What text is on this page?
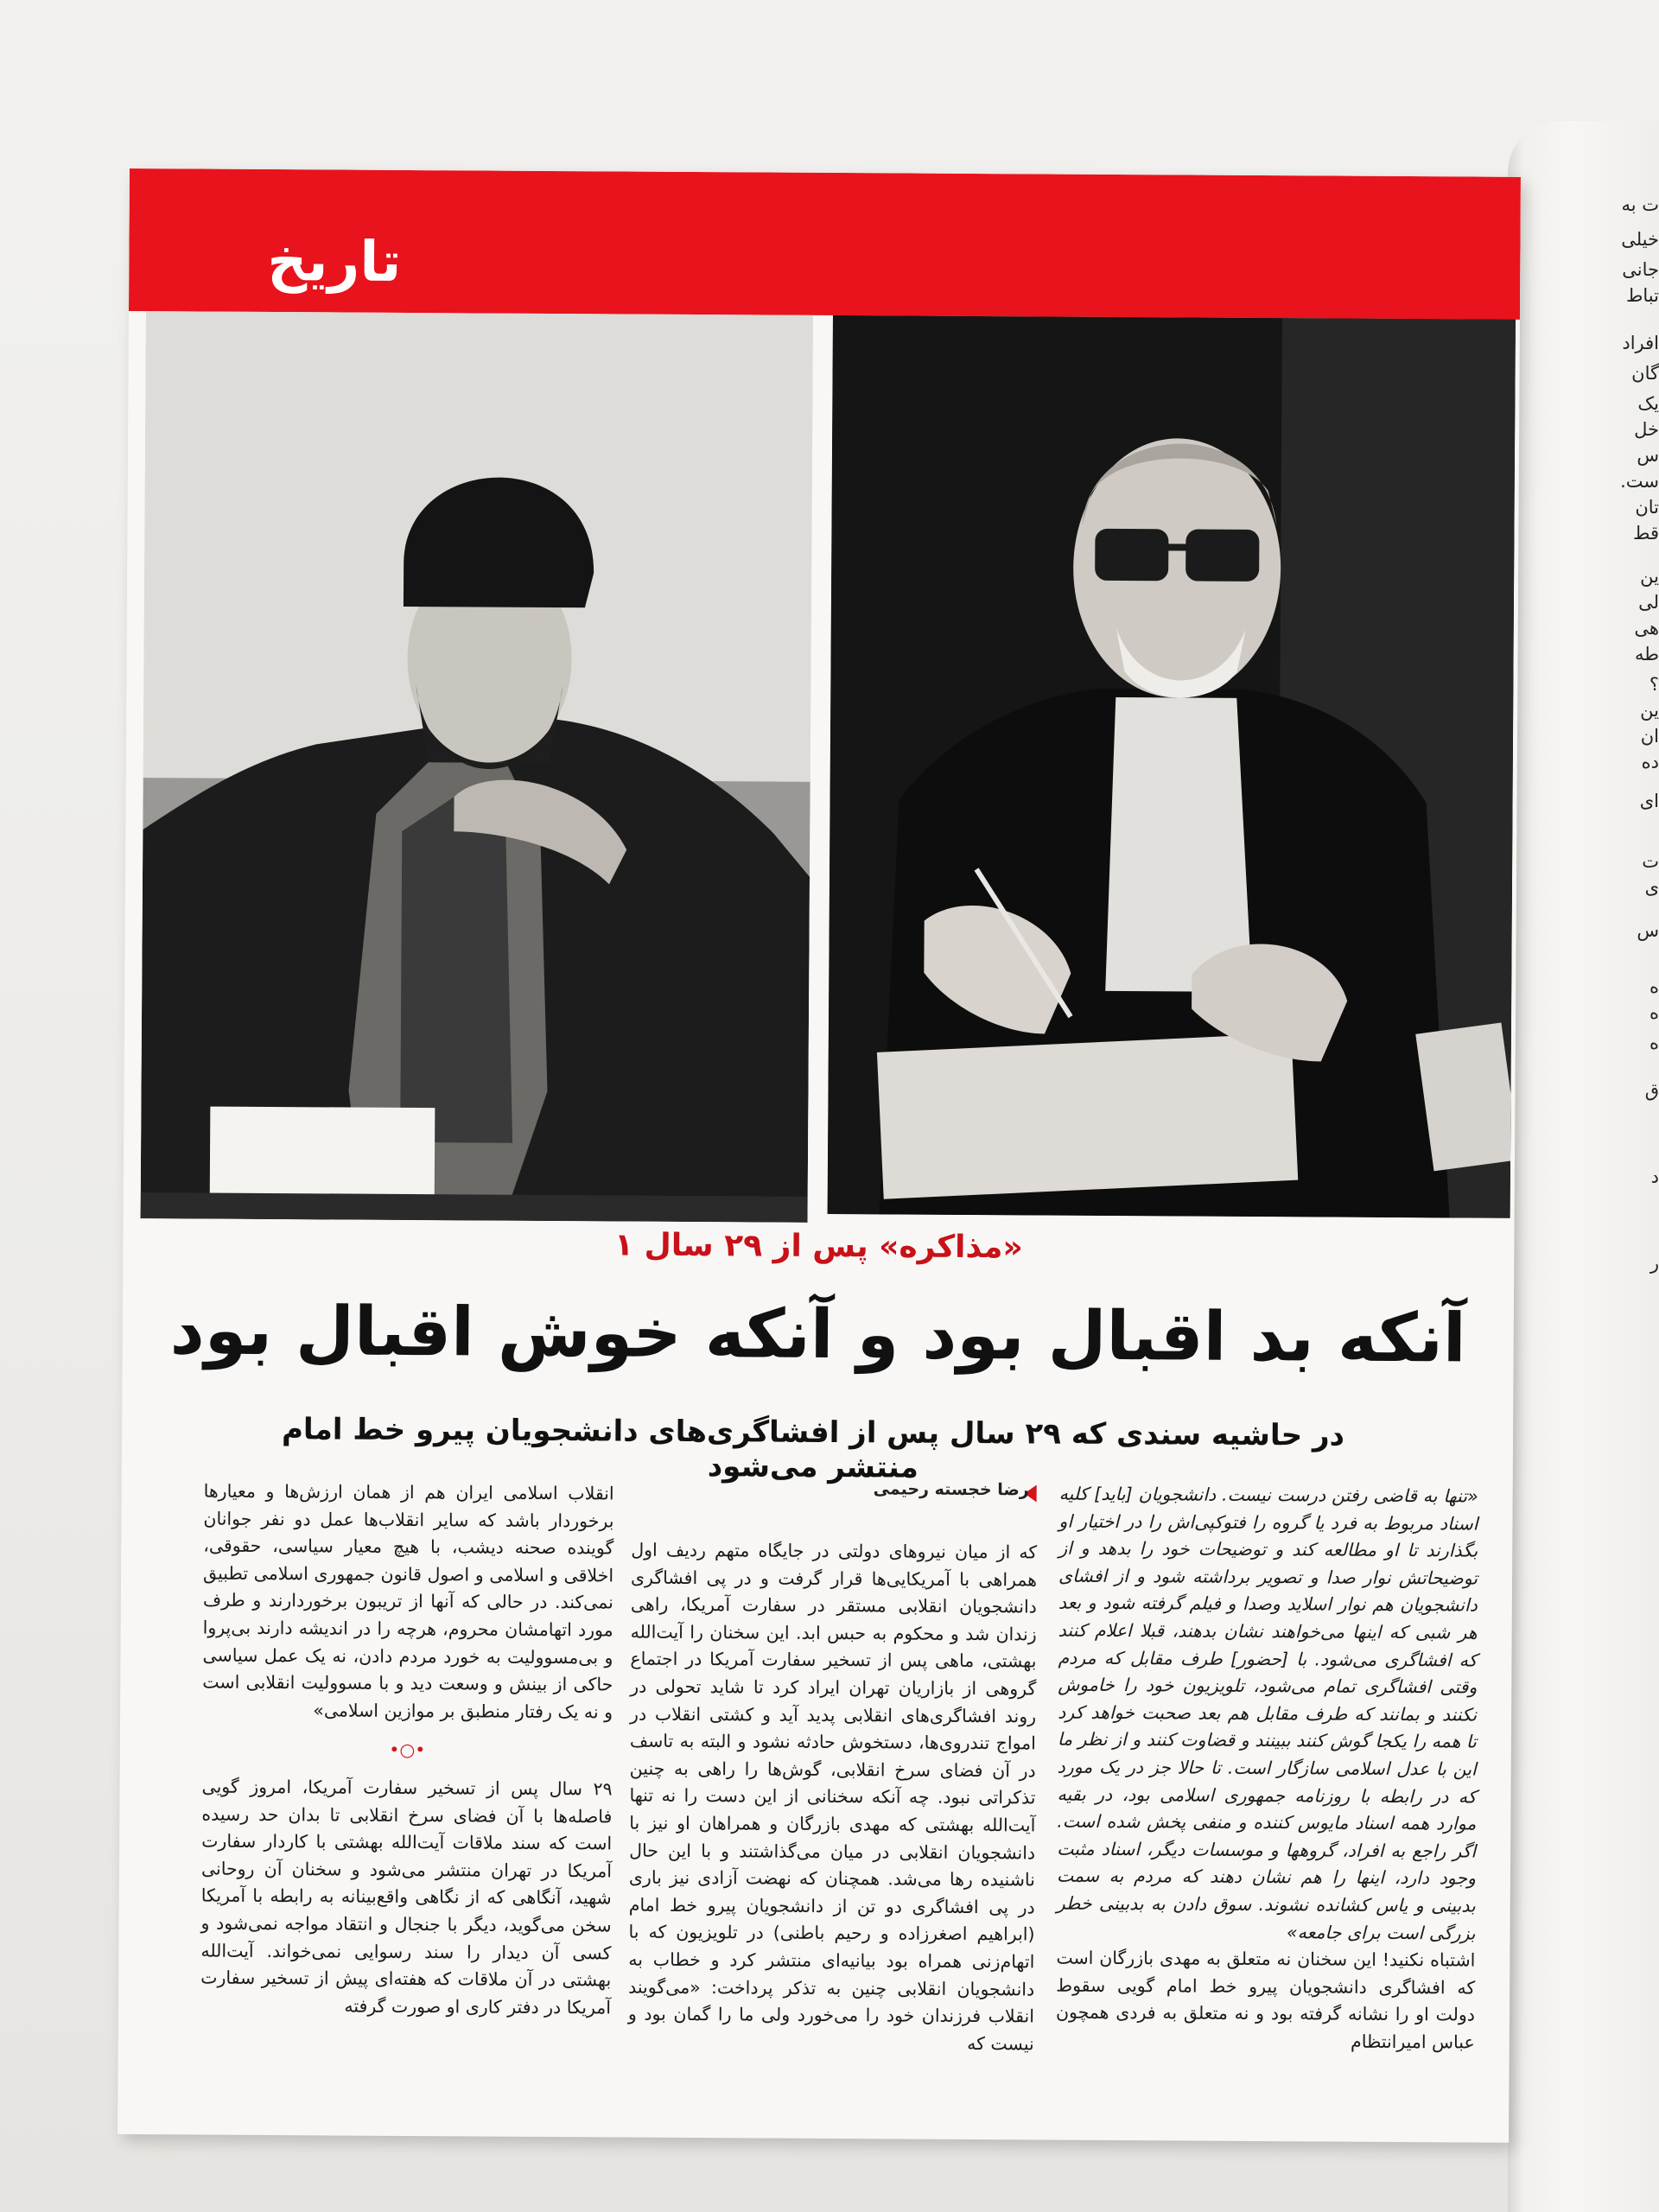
ت به
خیلی
جانی
تباط
افراد
گان
یک
خل
س
ست.
تان
قط
ین
لی
هی
طه
؟
ین
ان
ده
ای
ت
ی
س
ه
ه
ه
ق
د
ر
تاریخ
«مذاکره» پس از ۲۹ سال ۱
آنکه بد اقبال بود و آنکه خوش اقبال بود
در حاشیه سندی که ۲۹ سال پس از افشاگری‌های دانشجویان پیرو خط امام منتشر می‌شود
رضا خجسته رحیمی «تنها به قاضی رفتن درست نیست. دانشجویان [باید] کلیه اسناد مربوط به فرد یا گروه را فتوکپی‌اش را در اختیار او بگذارند تا او مطالعه کند و توضیحات خود را بدهد و از توضیحاتش نوار صدا و تصویر برداشته شود و از افشای دانشجویان هم نوار اسلاید وصدا و فیلم گرفته شود و بعد هر شبی که اینها می‌خواهند نشان بدهند، قبلا اعلام کنند که افشاگری می‌شود. با [حضور] طرف مقابل که مردم وقتی افشاگری تمام می‌شود، تلویزیون خود را خاموش نکنند و بمانند که طرف مقابل هم بعد صحبت خواهد کرد تا همه را یکجا گوش کنند ببینند و قضاوت کنند و از نظر ما این با عدل اسلامی سازگار است. تا حالا جز در یک مورد که در رابطه با روزنامه جمهوری اسلامی بود، در بقیه موارد همه اسناد مایوس کننده و منفی پخش شده است. اگر راجع به افراد، گروهها و موسسات دیگر، اسناد مثبت وجود دارد، اینها را هم نشان دهند که مردم به سمت بدبینی و یاس کشانده نشوند. سوق دادن به بدبینی خطر بزرگی است برای جامعه»

اشتباه نکنید! این سخنان نه متعلق به مهدی بازرگان است که افشاگری دانشجویان پیرو خط امام گویی سقوط دولت او را نشانه گرفته بود و نه متعلق به فردی همچون عباس امیرانتظام

که از میان نیروهای دولتی در جایگاه متهم ردیف اول همراهی با آمریکایی‌ها قرار گرفت و در پی افشاگری دانشجویان انقلابی مستقر در سفارت آمریکا، راهی زندان شد و محکوم به حبس ابد. این سخنان را آیت‌الله بهشتی، ماهی پس از تسخیر سفارت آمریکا در اجتماع گروهی از بازاریان تهران ایراد کرد تا شاید تحولی در روند افشاگری‌های انقلابی پدید آید و کشتی انقلاب در امواج تندروی‌ها، دستخوش حادثه نشود و البته به تاسف در آن فضای سرخ انقلابی، گوش‌ها را راهی به چنین تذکراتی نبود. چه آنکه سخنانی از این دست را نه تنها آیت‌الله بهشتی که مهدی بازرگان و همراهان او نیز با دانشجویان انقلابی در میان می‌گذاشتند و با این حال ناشنیده رها می‌شد. همچنان که نهضت آزادی نیز باری در پی افشاگری دو تن از دانشجویان پیرو خط امام (ابراهیم اصغرزاده و رحیم باطنی) در تلویزیون که با اتهام‌زنی همراه بود بیانیه‌ای منتشر کرد و خطاب به دانشجویان انقلابی چنین به تذکر پرداخت: «می‌گویند انقلاب فرزندان خود را می‌خورد ولی ما را گمان بود و نیست که

انقلاب اسلامی ایران هم از همان ارزش‌ها و معیارها برخوردار باشد که سایر انقلاب‌ها عمل دو نفر جوانان گوینده صحنه دیشب، با هیچ معیار سیاسی، حقوقی، اخلاقی و اسلامی و اصول قانون جمهوری اسلامی تطبیق نمی‌کند. در حالی که آنها از تریبون برخوردارند و طرف مورد اتهامشان محروم، هرچه را در اندیشه دارند بی‌پروا و بی‌مسوولیت به خورد مردم دادن، نه یک عمل سیاسی حاکی از بینش و وسعت دید و با مسوولیت انقلابی است و نه یک رفتار منطبق بر موازین اسلامی»

•○•

۲۹ سال پس از تسخیر سفارت آمریکا، امروز گویی فاصله‌ها با آن فضای سرخ انقلابی تا بدان حد رسیده است که سند ملاقات آیت‌الله بهشتی با کاردار سفارت آمریکا در تهران منتشر می‌شود و سخنان آن روحانی شهید، آنگاهی که از نگاهی واقع‌بینانه به رابطه با آمریکا سخن می‌گوید، دیگر با جنجال و انتقاد مواجه نمی‌شود و کسی آن دیدار را سند رسوایی نمی‌خواند. آیت‌الله بهشتی در آن ملاقات که هفته‌ای پیش از تسخیر سفارت آمریکا در دفتر کاری او صورت گرفته
